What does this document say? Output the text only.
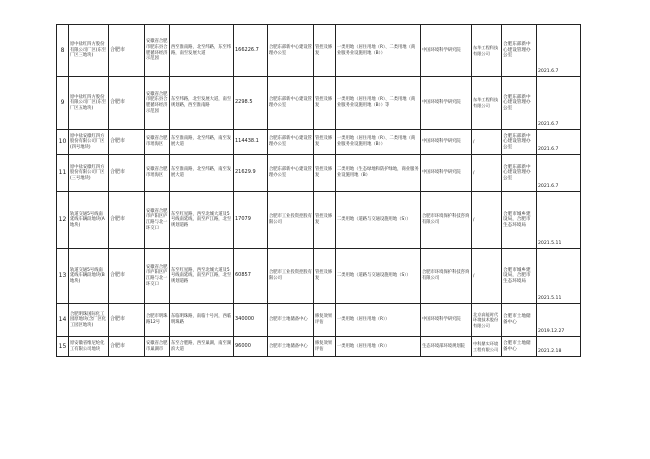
8	原中盐红四方股份有限公司厂区(东至厂区三地块)	合肥市	安徽省合肥市肥东县合肥循环经济示范园	西至淮南路，北至纬路，东至纬路，南至发展大道	166226.7	合肥东部新中心建设管理办公室	管控及修复	一类用地（居住用地（R）、二类用地（商业服务业设施用地（B））	中国环境科学研究院	东华工程科技有限公司	合肥东部新中心建设管理办公室	2021.6.7
9	原中盐红四方股份有限公司厂区(东至厂区五地块)	合肥市	安徽省合肥市肥东县合肥循环经济示范园	东至纬路，北至发展大道，南至规划路，西至淮南路	2298.5	合肥东部新中心建设管理办公室	管控及修复	一类用地（居住用地（R）、二类用地（商业服务业设施用地（B））等	中国环境科学研究院	东华工程科技有限公司	合肥东部新中心建设管理办公室	2021.6.7
10	原中盐安徽红四方股份有限公司厂区(四号地块)	合肥市	安徽省合肥市瑶海区	东至淮南路，北至纬路，南至发展大道	114438.1	合肥东部新中心建设管理办公室	管控及修复	一类用地（居住用地（R）、二类用地（商业服务业设施用地（B））	中国环境科学研究院	/	合肥东部新中心建设管理办公室	2021.6.7
11	原中盐安徽红四方股份有限公司厂区(三号地块)	合肥市	安徽省合肥市瑶海区	东至淮南路，北至纬路，南至发展大道	21629.9	合肥东部新中心建设管理办公室	管控及修复	二类用地（生态绿地和防护绿地，商业服务业设施用地（B）	中国环境科学研究院	/	合肥东部新中心建设管理办公室	2021.6.7
12	轨道交通5号线南延线车辆段地块(A地块)	合肥市	安徽省合肥市庐阳区庐江路与北一环交口	东至红星路，西至北城大道及5号线南延线，南至庐江路，北至规划道路	17079	合肥市工业投资控股有限公司	管控及修复	二类用地（道路与交通设施用地（S））	合肥市环境保护科技咨询有限公司	/	合肥市城乡建设局，合肥市生态环境局	2021.5.11
13	轨道交通5号线南延线车辆段地块(B地块)	合肥市	安徽省合肥市庐阳区庐江路与北一环交口	东至红星路，西至北城大道及5号线南延线，南至庐江路，北至规划道路	60857	合肥市工业投资控股有限公司	管控及修复	二类用地（道路与交通设施用地（S））	合肥市环境保护科技咨询有限公司	/	合肥市城乡建设局，合肥市生态环境局	2021.5.11
14	合肥明珠国际化工园原地块(含厂区化工园区地块)	合肥市	合肥市明珠路12号	东临明珠路，南临十号河，西临明珠路	340000	合肥市土地储备中心	修复效果评估	一类用地（居住用地（R））	中国环境科学研究院	北京高能时代环境技术股份有限公司	合肥市土地储备中心	2019.12.27
15	原安徽省维尼纶化工有限公司地块	合肥市	安徽省合肥市巢湖市	东至合肥路，西至巢湖，南至湖滨大道	96000	合肥市土地储备中心	修复效果评估	一类用地（居住用地（R））	生态环境部环境规划院	中科鼎实环境工程有限公司	合肥市土地储备中心	2021.2.18
